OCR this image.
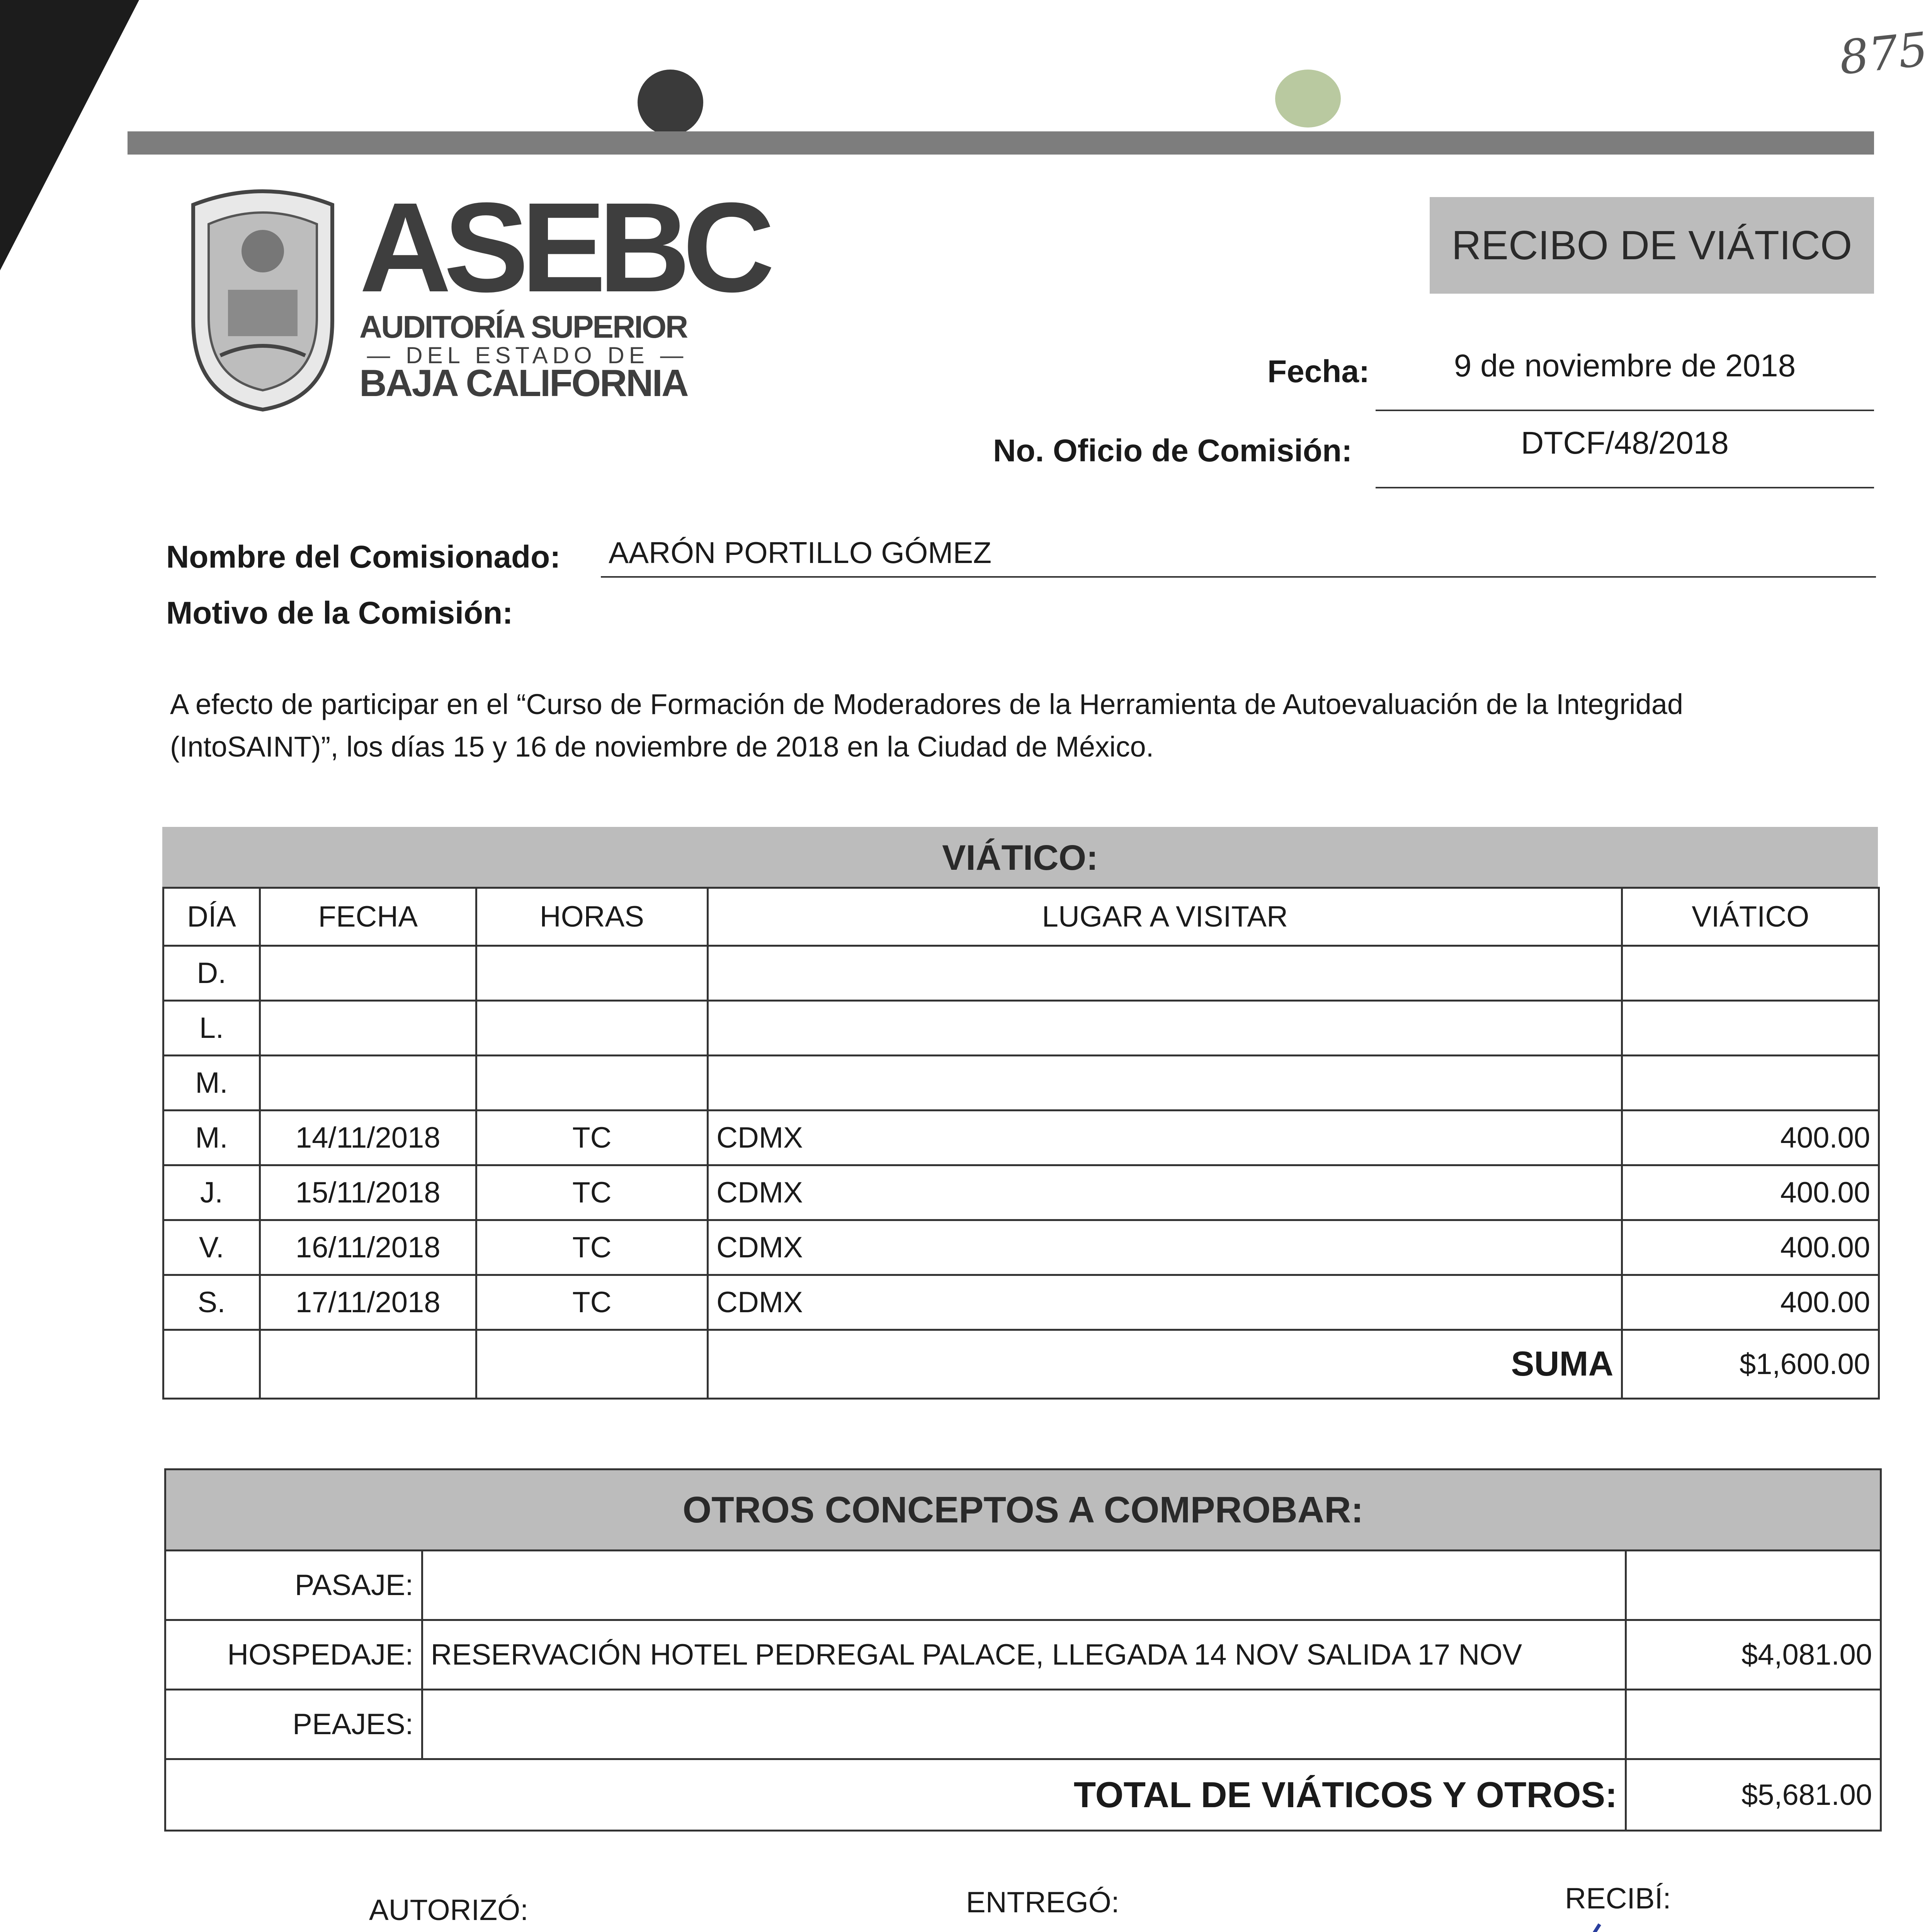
875
ASEBC
AUDITORÍA SUPERIOR
— DEL ESTADO DE —
BAJA CALIFORNIA
RECIBO DE VIÁTICO
Fecha:	9 de noviembre de 2018
No. Oficio de Comisión:	DTCF/48/2018
Nombre del Comisionado: AARÓN PORTILLO GÓMEZ
Motivo de la Comisión:
A efecto de participar en el “Curso de Formación de Moderadores de la Herramienta de Autoevaluación de la Integridad
(IntoSAINT)”, los días 15 y 16 de noviembre de 2018 en la Ciudad de México.
VIÁTICO:
DÍA	FECHA	HORAS	LUGAR A VISITAR	VIÁTICO
D.				
L.				
M.				
M.	14/11/2018	TC	CDMX	400.00
J.	15/11/2018	TC	CDMX	400.00
V.	16/11/2018	TC	CDMX	400.00
S.	17/11/2018	TC	CDMX	400.00
			SUMA	$1,600.00
OTROS CONCEPTOS A COMPROBAR:
PASAJE:		
HOSPEDAJE:	RESERVACIÓN HOTEL PEDREGAL PALACE, LLEGADA 14 NOV SALIDA 17 NOV	$4,081.00
PEAJES:		
TOTAL DE VIÁTICOS Y OTROS:		$5,681.00
AUTORIZÓ:	ENTREGÓ:	RECIBÍ:
